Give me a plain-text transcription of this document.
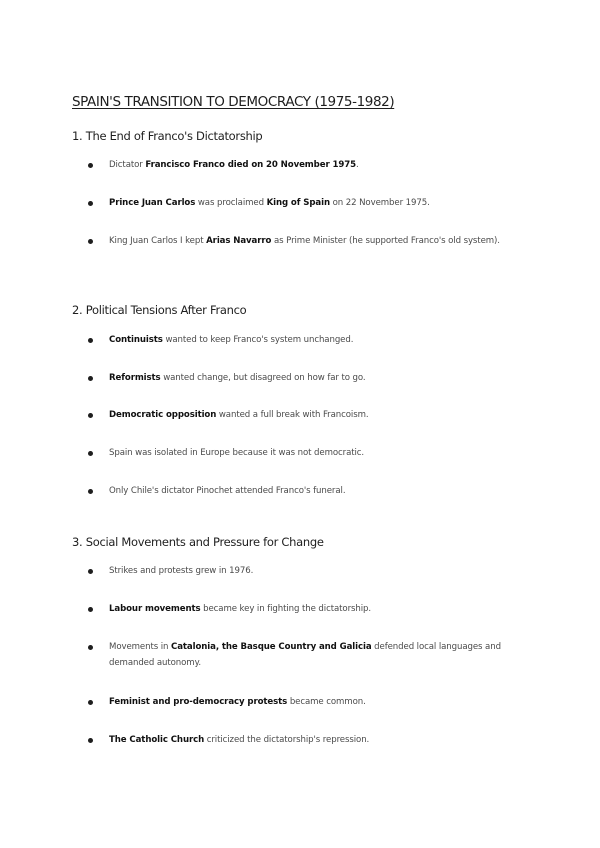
SPAIN'S TRANSITION TO DEMOCRACY (1975-1982)
1. The End of Franco's Dictatorship
Dictator Francisco Franco died on 20 November 1975.
Prince Juan Carlos was proclaimed King of Spain on 22 November 1975.
King Juan Carlos I kept Arias Navarro as Prime Minister (he supported Franco's old system).
2. Political Tensions After Franco
Continuists wanted to keep Franco's system unchanged.
Reformists wanted change, but disagreed on how far to go.
Democratic opposition wanted a full break with Francoism.
Spain was isolated in Europe because it was not democratic.
Only Chile's dictator Pinochet attended Franco's funeral.
3. Social Movements and Pressure for Change
Strikes and protests grew in 1976.
Labour movements became key in fighting the dictatorship.
Movements in Catalonia, the Basque Country and Galicia defended local languages and demanded autonomy.
Feminist and pro-democracy protests became common.
The Catholic Church criticized the dictatorship's repression.
